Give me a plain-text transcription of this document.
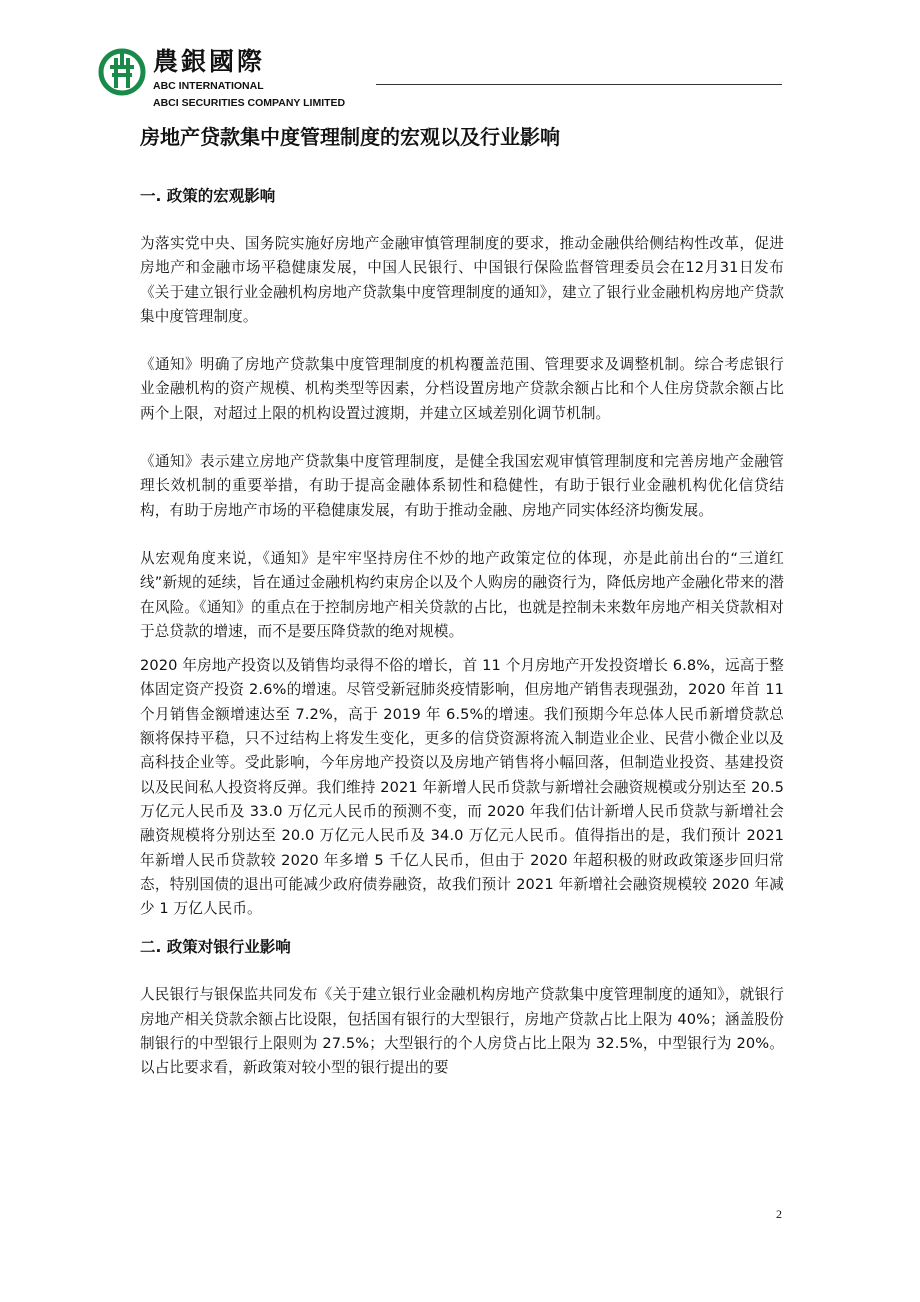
農銀國際
ABC INTERNATIONAL
ABCI SECURITIES COMPANY LIMITED
房地产贷款集中度管理制度的宏观以及行业影响
一. 政策的宏观影响

为落实党中央、国务院实施好房地产金融审慎管理制度的要求，推动金融供给侧结构性改革，促进房地产和金融市场平稳健康发展，中国人民银行、中国银行保险监督管理委员会在12月31日发布《关于建立银行业金融机构房地产贷款集中度管理制度的通知》，建立了银行业金融机构房地产贷款集中度管理制度。

《通知》明确了房地产贷款集中度管理制度的机构覆盖范围、管理要求及调整机制。综合考虑银行业金融机构的资产规模、机构类型等因素，分档设置房地产贷款余额占比和个人住房贷款余额占比两个上限，对超过上限的机构设置过渡期，并建立区域差别化调节机制。

《通知》表示建立房地产贷款集中度管理制度，是健全我国宏观审慎管理制度和完善房地产金融管理长效机制的重要举措，有助于提高金融体系韧性和稳健性，有助于银行业金融机构优化信贷结构，有助于房地产市场的平稳健康发展，有助于推动金融、房地产同实体经济均衡发展。

从宏观角度来说，《通知》是牢牢坚持房住不炒的地产政策定位的体现，亦是此前出台的“三道红线”新规的延续，旨在通过金融机构约束房企以及个人购房的融资行为，降低房地产金融化带来的潜在风险。《通知》的重点在于控制房地产相关贷款的占比，也就是控制未来数年房地产相关贷款相对于总贷款的增速，而不是要压降贷款的绝对规模。

2020 年房地产投资以及销售均录得不俗的增长，首 11 个月房地产开发投资增长 6.8%，远高于整体固定资产投资 2.6%的增速。尽管受新冠肺炎疫情影响，但房地产销售表现强劲，2020 年首 11 个月销售金额增速达至 7.2%，高于 2019 年 6.5%的增速。我们预期今年总体人民币新增贷款总额将保持平稳，只不过结构上将发生变化，更多的信贷资源将流入制造业企业、民营小微企业以及高科技企业等。受此影响，今年房地产投资以及房地产销售将小幅回落，但制造业投资、基建投资以及民间私人投资将反弹。我们维持 2021 年新增人民币贷款与新增社会融资规模或分别达至 20.5 万亿元人民币及 33.0 万亿元人民币的预测不变，而 2020 年我们估计新增人民币贷款与新增社会融资规模将分别达至 20.0 万亿元人民币及 34.0 万亿元人民币。值得指出的是，我们预计 2021 年新增人民币贷款较 2020 年多增 5 千亿人民币，但由于 2020 年超积极的财政政策逐步回归常态，特别国债的退出可能减少政府债券融资，故我们预计 2021 年新增社会融资规模较 2020 年减少 1 万亿人民币。

二. 政策对银行业影响

人民银行与银保监共同发布《关于建立银行业金融机构房地产贷款集中度管理制度的通知》，就银行房地产相关贷款余额占比设限，包括国有银行的大型银行，房地产贷款占比上限为 40%；涵盖股份制银行的中型银行上限则为 27.5%；大型银行的个人房贷占比上限为 32.5%，中型银行为 20%。以占比要求看，新政策对较小型的银行提出的要

2
